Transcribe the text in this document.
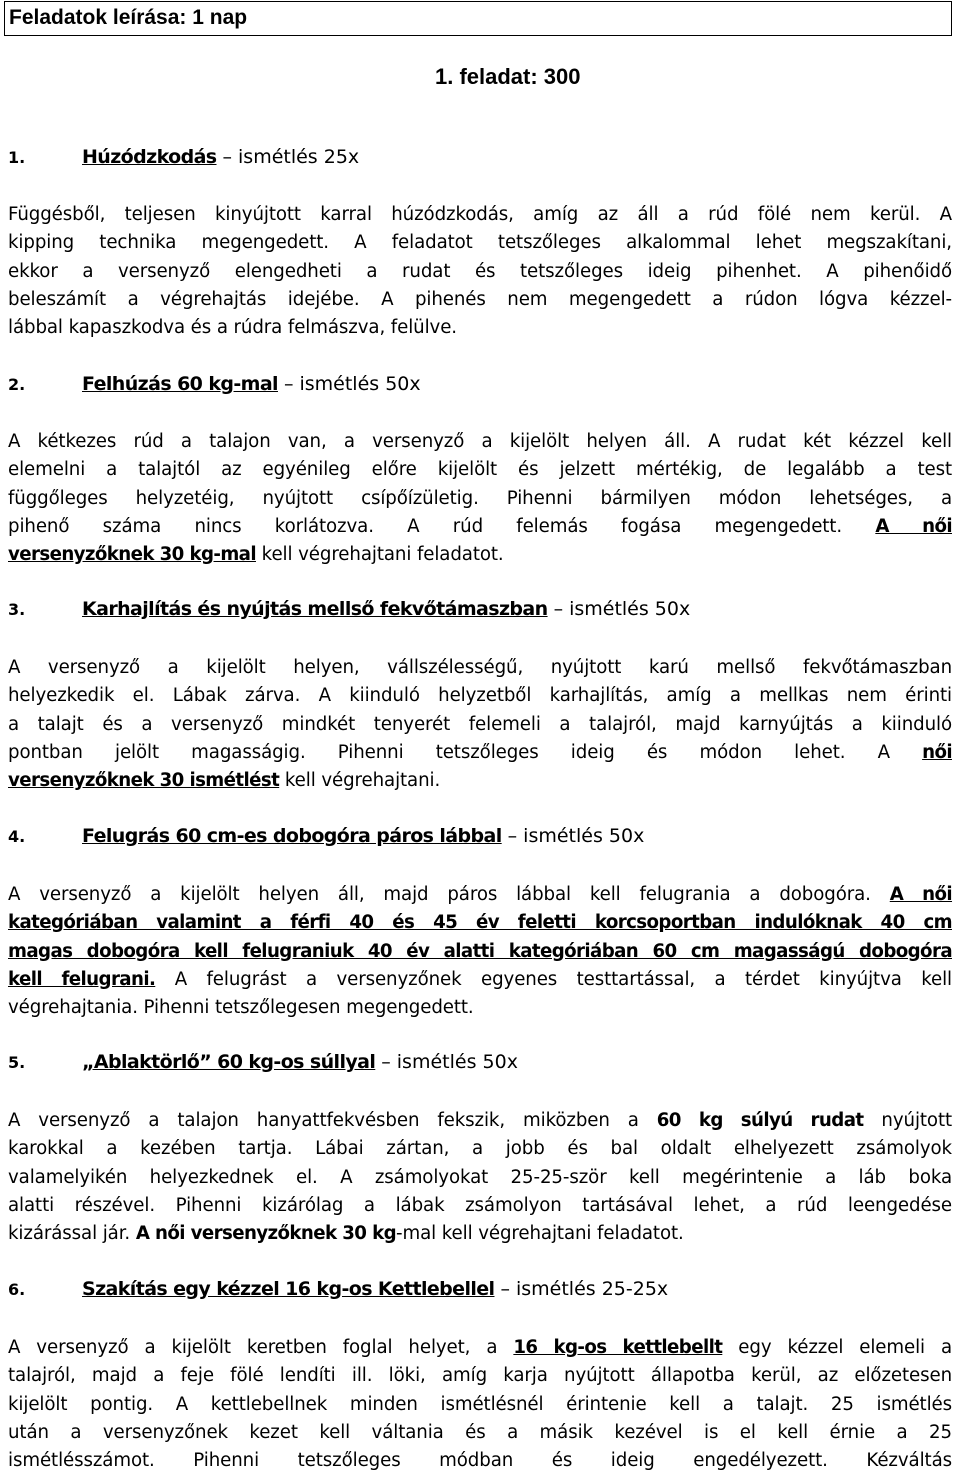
Feladatok leírása: 1 nap
1. feladat: 300
1.	Húzódzkodás – ismétlés 25x
Függésből, teljesen kinyújtott karral húzódzkodás, amíg az áll a rúd fölé nem kerül. A
kipping technika megengedett. A feladatot tetszőleges alkalommal lehet megszakítani,
ekkor a versenyző elengedheti a rudat és tetszőleges ideig pihenhet. A pihenőidő
beleszámít a végrehajtás idejébe. A pihenés nem megengedett a rúdon lógva kézzel-
lábbal kapaszkodva és a rúdra felmászva, felülve.
2.	Felhúzás 60 kg-mal – ismétlés 50x
A kétkezes rúd a talajon van, a versenyző a kijelölt helyen áll. A rudat két kézzel kell
elemelni a talajtól az egyénileg előre kijelölt és jelzett mértékig, de legalább a test
függőleges helyzetéig, nyújtott csípőízületig. Pihenni bármilyen módon lehetséges, a
pihenő száma nincs korlátozva. A rúd felemás fogása megengedett. A női
versenyzőknek 30 kg-mal kell végrehajtani feladatot.
3.	Karhajlítás és nyújtás mellső fekvőtámaszban – ismétlés 50x
A versenyző a kijelölt helyen, vállszélességű, nyújtott karú mellső fekvőtámaszban
helyezkedik el. Lábak zárva. A kiinduló helyzetből karhajlítás, amíg a mellkas nem érinti
a talajt és a versenyző mindkét tenyerét felemeli a talajról, majd karnyújtás a kiinduló
pontban jelölt magasságig. Pihenni tetszőleges ideig és módon lehet. A női
versenyzőknek 30 ismétlést kell végrehajtani.
4.	Felugrás 60 cm-es dobogóra páros lábbal – ismétlés 50x
A versenyző a kijelölt helyen áll, majd páros lábbal kell felugrania a dobogóra. A női
kategóriában valamint a férfi 40 és 45 év feletti korcsoportban indulóknak 40 cm
magas dobogóra kell felugraniuk 40 év alatti kategóriában 60 cm magasságú dobogóra
kell felugrani. A felugrást a versenyzőnek egyenes testtartással, a térdet kinyújtva kell
végrehajtania. Pihenni tetszőlegesen megengedett.
5.	„Ablaktörlő” 60 kg-os súllyal – ismétlés 50x
A versenyző a talajon hanyattfekvésben fekszik, miközben a 60 kg súlyú rudat nyújtott
karokkal a kezében tartja. Lábai zártan, a jobb és bal oldalt elhelyezett zsámolyok
valamelyikén helyezkednek el. A zsámolyokat 25-25-ször kell megérintenie a láb boka
alatti részével. Pihenni kizárólag a lábak zsámolyon tartásával lehet, a rúd leengedése
kizárással jár. A női versenyzőknek 30 kg-mal kell végrehajtani feladatot.
6.	Szakítás egy kézzel 16 kg-os Kettlebellel – ismétlés 25-25x
A versenyző a kijelölt keretben foglal helyet, a 16 kg-os kettlebellt egy kézzel elemeli a
talajról, majd a feje fölé lendíti ill. löki, amíg karja nyújtott állapotba kerül, az előzetesen
kijelölt pontig. A kettlebellnek minden ismétlésnél érintenie kell a talajt. 25 ismétlés
után a versenyzőnek kezet kell váltania és a másik kezével is el kell érnie a 25
ismétlésszámot. Pihenni tetszőleges módban és ideig engedélyezett. Kézváltás
